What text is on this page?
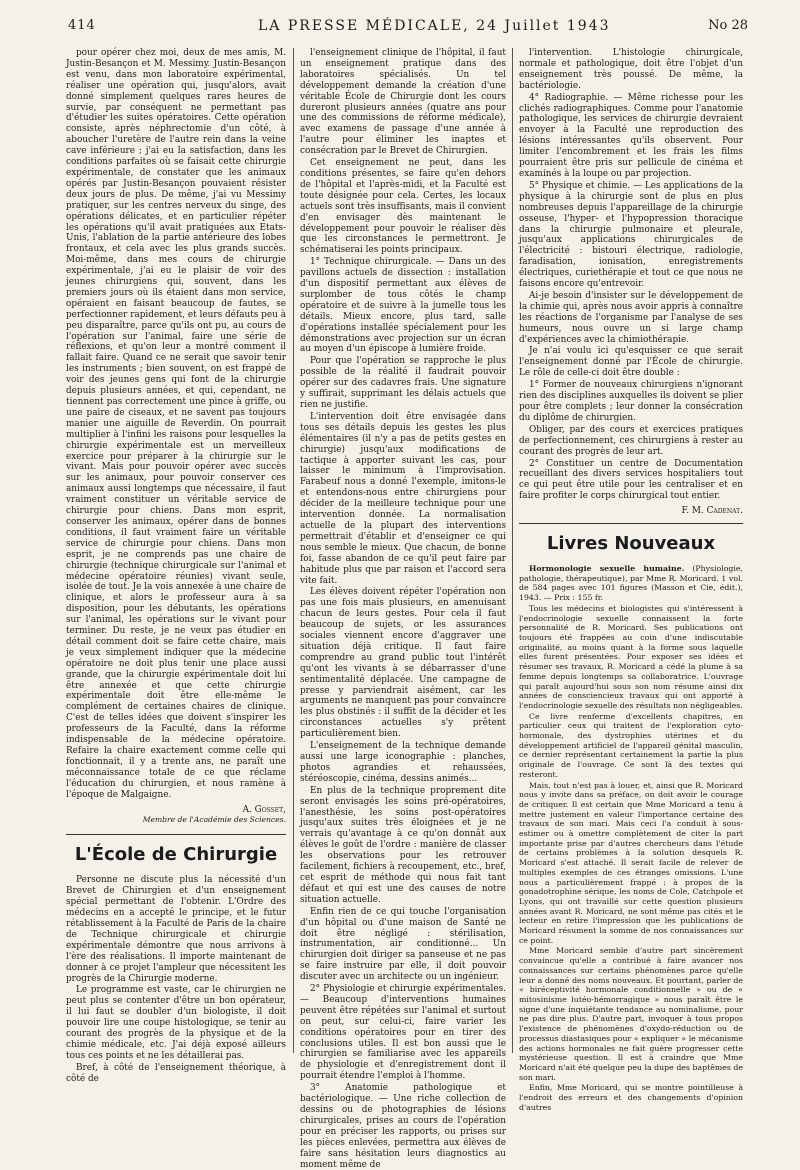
414	LA PRESSE MÉDICALE, 24 Juillet 1943	No 28

pour opérer chez moi, deux de mes amis, M. Justin-Besançon et M. Messimy. Justin-Besançon est venu, dans mon laboratoire expérimental, réaliser une opération qui, jusqu'alors, avait donné simplement quelques rares heures de survie, par conséquent ne permettant pas d'étudier les suites opératoires. Cette opération consiste, après néphrectomie d'un côté, à aboucher l'uretère de l'autre rein dans la veine cave inférieure ; j'ai eu la satisfaction, dans les conditions parfaites où se faisait cette chirurgie expérimentale, de constater que les animaux opérés par Justin-Besançon pouvaient résister deux jours de plus. De même, j'ai vu Messimy pratiquer, sur les centres nerveux du singe, des opérations délicates, et en particulier répéter les opérations qu'il avait pratiquées aux Etats-Unis, l'ablation de la partie antérieure des lobes frontaux, et cela avec les plus grands succès. Moi-même, dans mes cours de chirurgie expérimentale, j'ai eu le plaisir de voir des jeunes chirurgiens qui, souvent, dans les premiers jours où ils étaient dans mon service, opéraient en faisant beaucoup de fautes, se perfectionner rapidement, et leurs défauts peu à peu disparaître, parce qu'ils ont pu, au cours de l'opération sur l'animal, faire une série de réflexions, et qu'on leur a montré comment il fallait faire. Quand ce ne serait que savoir tenir les instruments ; bien souvent, on est frappé de voir des jeunes gens qui font de la chirurgie depuis plusieurs années, et qui, cependant, ne tiennent pas correctement une pince à griffe, ou une paire de ciseaux, et ne savent pas toujours manier une aiguille de Reverdin. On pourrait multiplier à l'infini les raisons pour lesquelles la chirurgie expérimentale est un merveilleux exercice pour préparer à la chirurgie sur le vivant. Mais pour pouvoir opérer avec succès sur les animaux, pour pouvoir conserver ces animaux aussi longtemps que nécessaire, il faut vraiment constituer un véritable service de chirurgie pour chiens. Dans mon esprit, conserver les animaux, opérer dans de bonnes conditions, il faut vraiment faire un véritable service de chirurgie pour chiens. Dans mon esprit, je ne comprends pas une chaire de chirurgie (technique chirurgicale sur l'animal et médecine opératoire réunies) vivant seule, isolée de tout. Je la vois annexée à une chaire de clinique, et alors le professeur aura à sa disposition, pour les débutants, les opérations sur l'animal, les opérations sur le vivant pour terminer. Du reste, je ne veux pas étudier en détail comment doit se faire cette chaire, mais je veux simplement indiquer que la médecine opératoire ne doit plus tenir une place aussi grande, que la chirurgie expérimentale doit lui être annexée et que cette chirurgie expérimentale doit être elle-même le complément de certaines chaires de clinique. C'est de telles idées que doivent s'inspirer les professeurs de la Faculté, dans la réforme indispensable de la médecine opératoire. Refaire la chaire exactement comme celle qui fonctionnait, il y a trente ans, ne paraît une méconnaissance totale de ce que réclame l'éducation du chirurgien, et nous ramène à l'époque de Malgaigne.

A. Gosset,
Membre de l'Académie des Sciences.
L'École de Chirurgie

Personne ne discute plus la nécessité d'un Brevet de Chirurgien et d'un enseignement spécial permettant de l'obtenir. L'Ordre des médecins en a accepté le principe, et le futur rétablissement à la Faculté de Paris de la chaire de Technique chirurgicale et chirurgie expérimentale démontre que nous arrivons à l'ère des réalisations. Il importe maintenant de donner à ce projet l'ampleur que nécessitent les progrès de la Chirurgie moderne.

Le programme est vaste, car le chirurgien ne peut plus se contenter d'être un bon opérateur, il lui faut se doubler d'un biologiste, il doit pouvoir lire une coupe histologique, se tenir au courant des progrès de la physique et de la chimie médicale, etc. J'ai déjà exposé ailleurs tous ces points et ne les détaillerai pas.

Bref, à côté de l'enseignement théorique, à côté de

l'enseignement clinique de l'hôpital, il faut un enseignement pratique dans des laboratoires spécialisés. Un tel développement demande la création d'une véritable École de Chirurgie dont les cours dureront plusieurs années (quatre ans pour une des commissions de réforme médicale), avec examens de passage d'une année à l'autre pour éliminer les inaptes et consécration par le Brevet de Chirurgien.

Cet enseignement ne peut, dans les conditions présentes, se faire qu'en dehors de l'hôpital et l'après-midi, et la Faculté est toute désignée pour cela. Certes, les locaux actuels sont très insuffisants, mais il convient d'en envisager dès maintenant le développement pour pouvoir le réaliser dès que les circonstances le permettront. Je schématiserai les points principaux.

1° Technique chirurgicale. — Dans un des pavillons actuels de dissection : installation d'un dispositif permettant aux élèves de surplomber de tous côtés le champ opératoire et de suivre à la jumelle tous les détails. Mieux encore, plus tard, salle d'opérations installée spécialement pour les démonstrations avec projection sur un écran au moyen d'un épiscope à lumière froide.

Pour que l'opération se rapproche le plus possible de la réalité il faudrait pouvoir opérer sur des cadavres frais. Une signature y suffirait, supprimant les délais actuels que rien ne justifie.

L'intervention doit être envisagée dans tous ses détails depuis les gestes les plus élémentaires (il n'y a pas de petits gestes en chirurgie) jusqu'aux modifications de tactique à apporter suivant les cas, pour laisser le minimum à l'improvisation. Farabeuf nous a donné l'exemple, imitons-le et entendons-nous entre chirurgiens pour décider de la meilleure technique pour une intervention donnée. La normalisation actuelle de la plupart des interventions permettrait d'établir et d'enseigner ce qui nous semble le mieux. Que chacun, de bonne foi, fasse abandon de ce qu'il peut faire par habitude plus que par raison et l'accord sera vite fait.

Les élèves doivent répéter l'opération non pas une fois mais plusieurs, en amenuisant chacun de leurs gestes. Pour cela il faut beaucoup de sujets, or les assurances sociales viennent encore d'aggraver une situation déjà critique. Il faut faire comprendre au grand public tout l'intérêt qu'ont les vivants à se débarrasser d'une sentimentalité déplacée. Une campagne de presse y parviendrait aisément, car les arguments ne manquent pas pour convaincre les plus obstinés : il suffit de la décider et les circonstances actuelles s'y prêtent particulièrement bien.

L'enseignement de la technique demande aussi une large iconographie : planches, photos agrandies et rehaussées, stéréoscopie, cinéma, dessins animés...

En plus de la technique proprement dite seront envisagés les soins pré-opératoires, l'anesthésie, les soins post-opératoires jusqu'aux suites très éloignées et je ne verrais qu'avantage à ce qu'on donnât aux élèves le goût de l'ordre : manière de classer les observations pour les retrouver facilement, fichiers à recoupement, etc., bref, cet esprit de méthode qui nous fait tant défaut et qui est une des causes de notre situation actuelle.

Enfin rien de ce qui touche l'organisation d'un hôpital ou d'une maison de Santé ne doit être négligé : stérilisation, instrumentation, air conditionné... Un chirurgien doit diriger sa panseuse et ne pas se faire instruire par elle, il doit pouvoir discuter avec un architecte ou un ingénieur.

2° Physiologie et chirurgie expérimentales. — Beaucoup d'interventions humaines peuvent être répétées sur l'animal et surtout on peut, sur celui-ci, faire varier les conditions opératoires pour en tirer des conclusions utiles. Il est bon aussi que le chirurgien se familiarise avec les appareils de physiologie et d'enregistrement dont il pourrait étendre l'emploi à l'homme.

3° Anatomie pathologique et bactériologique. — Une riche collection de dessins ou de photographies de lésions chirurgicales, prises au cours de l'opération pour en préciser les rapports, ou prises sur les pièces enlevées, permettra aux élèves de faire sans hésitation leurs diagnostics au moment même de

l'intervention. L'histologie chirurgicale, normale et pathologique, doit être l'objet d'un enseignement très poussé. De même, la bactériologie.

4° Radiographie. — Même richesse pour les clichés radiographiques. Comme pour l'anatomie pathologique, les services de chirurgie devraient envoyer à la Faculté une reproduction des lésions intéressantes qu'ils observent. Pour limiter l'encombrement et les frais les films pourraient être pris sur pellicule de cinéma et examinés à la loupe ou par projection.

5° Physique et chimie. — Les applications de la physique à la chirurgie sont de plus en plus nombreuses depuis l'appareillage de la chirurgie osseuse, l'hyper- et l'hypopression thoracique dans la chirurgie pulmonaire et pleurale, jusqu'aux applications chirurgicales de l'électricité : bistouri électrique, radiologie, faradisation, ionisation, enregistrements électriques, curiethérapie et tout ce que nous ne faisons encore qu'entrevoir.

Ai-je besoin d'insister sur le développement de la chimie qui, après nous avoir appris à connaître les réactions de l'organisme par l'analyse de ses humeurs, nous ouvre un si large champ d'expériences avec la chimiothérapie.

Je n'ai voulu ici qu'esquisser ce que serait l'enseignement donné par l'École de chirurgie. Le rôle de celle-ci doit être double :

1° Former de nouveaux chirurgiens n'ignorant rien des disciplines auxquelles ils doivent se plier pour être complets ; leur donner la consécration du diplôme de chirurgien.

Obliger, par des cours et exercices pratiques de perfectionnement, ces chirurgiens à rester au courant des progrès de leur art.

2° Constituer un centre de Documentation recueillant des divers services hospitaliers tout ce qui peut être utile pour les centraliser et en faire profiter le corps chirurgical tout entier.

F. M. Cadenat.
Livres Nouveaux

Hormonologie sexuelle humaine. (Physiologie, pathologie, thérapeutique), par Mme R. Moricard. 1 vol. de 584 pages avec 101 figures (Masson et Cie, édit.), 1943. — Prix : 155 fr.

Tous les médecins et biologistes qui s'intéressent à l'endocrinologie sexuelle connaissent la forte personnalité de R. Moricard. Ses publications ont toujours été frappées au coin d'une indiscutable originalité, au moins quant à la forme sous laquelle elles furent présentées. Pour exposer ses idées et résumer ses travaux, R. Moricard a cédé la plume à sa femme depuis longtemps sa collaboratrice. L'ouvrage qui paraît aujourd'hui sous son nom résume ainsi dix années de consciencieux travaux qui ont apporté à l'endocrinologie sexuelle des résultats non négligeables.

Ce livre renferme d'excellents chapitres, en particulier ceux qui traitent de l'exploration cyto-hormonale, des dystrophies utérines et du développement artificiel de l'appareil génital masculin, ce dernier représentant certainement la partie la plus originale de l'ouvrage. Ce sont là des textes qui resteront.

Mais, tout n'est pas à louer, et, ainsi que R. Moricard nous y invite dans sa préface, on doit avoir le courage de critiquer. Il est certain que Mme Moricard a tenu à mettre justement en valeur l'importance certaine des travaux de son mari. Mais ceci l'a conduit à sous-estimer ou à omettre complètement de citer la part importante prise par d'autres chercheurs dans l'étude de certains problèmes à la solution desquels R. Moricard s'est attaché. Il serait facile de relever de multiples exemples de ces étranges omissions. L'une nous a particulièrement frappé : à propos de la gonadotrophine sérique, les noms de Cole, Catchpole et Lyons, qui ont travaillé sur cette question plusieurs années avant R. Moricard, ne sont même pas cités et le lecteur en retire l'impression que les publications de Moricard résument la somme de nos connaissances sur ce point.

Mme Moricard semble d'autre part sincèrement convaincue qu'elle a contribué à faire avancer nos connaissances sur certains phénomènes parce qu'elle leur a donné des noms nouveaux. Et pourtant, parler de « biréceptivité hormonale conditionnelle » ou de « mitosinisme lutéo-hémorragique » nous paraît être le signe d'une inquiétante tendance au nominalisme, pour ne pas dire plus. D'autre part, invoquer à tous propos l'existence de phénomènes d'oxydo-réduction ou de processus diastasiques pour « expliquer » le mécanisme des actions hormonales ne fait guère progresser cette mystérieuse question. Il est à craindre que Mme Moricard n'ait été quelque peu la dupe des baptêmes de son mari.

Enfin, Mme Moricard, qui se montre pointilleuse à l'endroit des erreurs et des changements d'opinion d'autres
